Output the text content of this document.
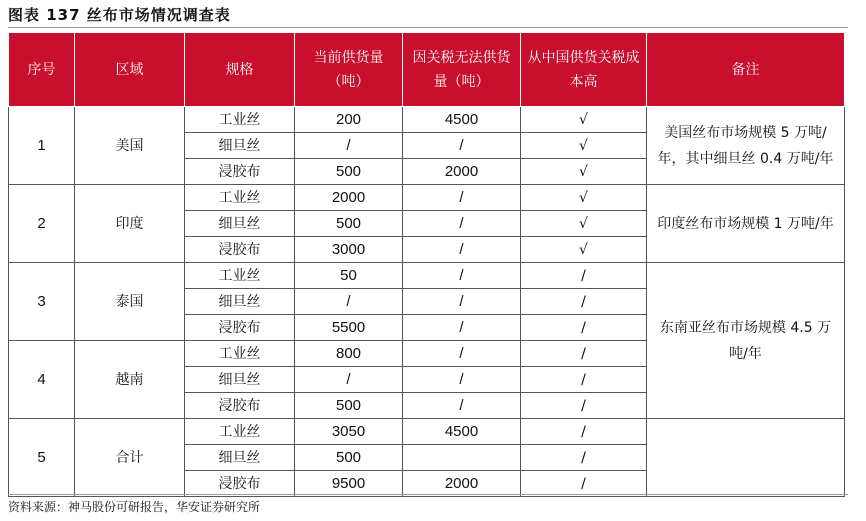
图表 137 丝布市场情况调查表
序号	区域	规格	当前供货量（吨）	因关税无法供货量（吨）	从中国供货关税成本高	备注
1	美国	工业丝	200	4500	√	美国丝布市场规模 5 万吨/年，其中细旦丝 0.4 万吨/年
		细旦丝	/	/	√	
		浸胶布	500	2000	√	
2	印度	工业丝	2000	/	√	印度丝布市场规模 1 万吨/年
		细旦丝	500	/	√	
		浸胶布	3000	/	√	
3	泰国	工业丝	50	/	/	东南亚丝布市场规模 4.5 万吨/年
		细旦丝	/	/	/	
		浸胶布	5500	/	/	
4	越南	工业丝	800	/	/	
		细旦丝	/	/	/	
		浸胶布	500	/	/	
5	合计	工业丝	3050	4500	/	
		细旦丝	500		/	
		浸胶布	9500	2000	/	
资料来源：神马股份可研报告，华安证券研究所
